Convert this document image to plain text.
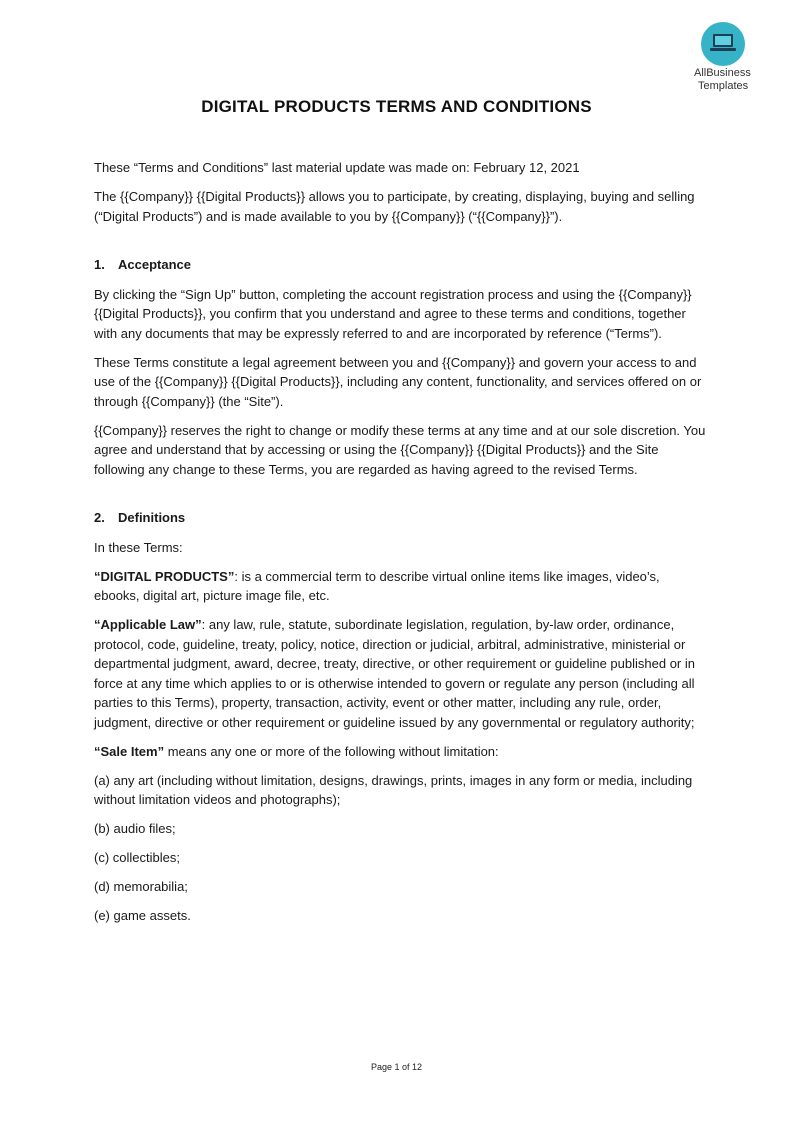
AllBusiness
Templates
DIGITAL PRODUCTS TERMS AND CONDITIONS

These “Terms and Conditions” last material update was made on: February 12, 2021

The {{Company}} {{Digital Products}} allows you to participate, by creating, displaying, buying and selling (“Digital Products”) and is made available to you by {{Company}} (“{{Company}}”).

1. Acceptance

By clicking the “Sign Up” button, completing the account registration process and using the {{Company}} {{Digital Products}}, you confirm that you understand and agree to these terms and conditions, together with any documents that may be expressly referred to and are incorporated by reference (“Terms”).

These Terms constitute a legal agreement between you and {{Company}} and govern your access to and use of the {{Company}} {{Digital Products}}, including any content, functionality, and services offered on or through {{Company}} (the “Site”).

{{Company}} reserves the right to change or modify these terms at any time and at our sole discretion. You agree and understand that by accessing or using the {{Company}} {{Digital Products}} and the Site following any change to these Terms, you are regarded as having agreed to the revised Terms.

2. Definitions

In these Terms:

“DIGITAL PRODUCTS”: is a commercial term to describe virtual online items like images, video’s, ebooks, digital art, picture image file, etc.

“Applicable Law”: any law, rule, statute, subordinate legislation, regulation, by-law order, ordinance, protocol, code, guideline, treaty, policy, notice, direction or judicial, arbitral, administrative, ministerial or departmental judgment, award, decree, treaty, directive, or other requirement or guideline published or in force at any time which applies to or is otherwise intended to govern or regulate any person (including all parties to this Terms), property, transaction, activity, event or other matter, including any rule, order, judgment, directive or other requirement or guideline issued by any governmental or regulatory authority;

“Sale Item” means any one or more of the following without limitation:

(a) any art (including without limitation, designs, drawings, prints, images in any form or media, including without limitation videos and photographs);

(b) audio files;

(c) collectibles;

(d) memorabilia;

(e) game assets.

Page 1 of 12
